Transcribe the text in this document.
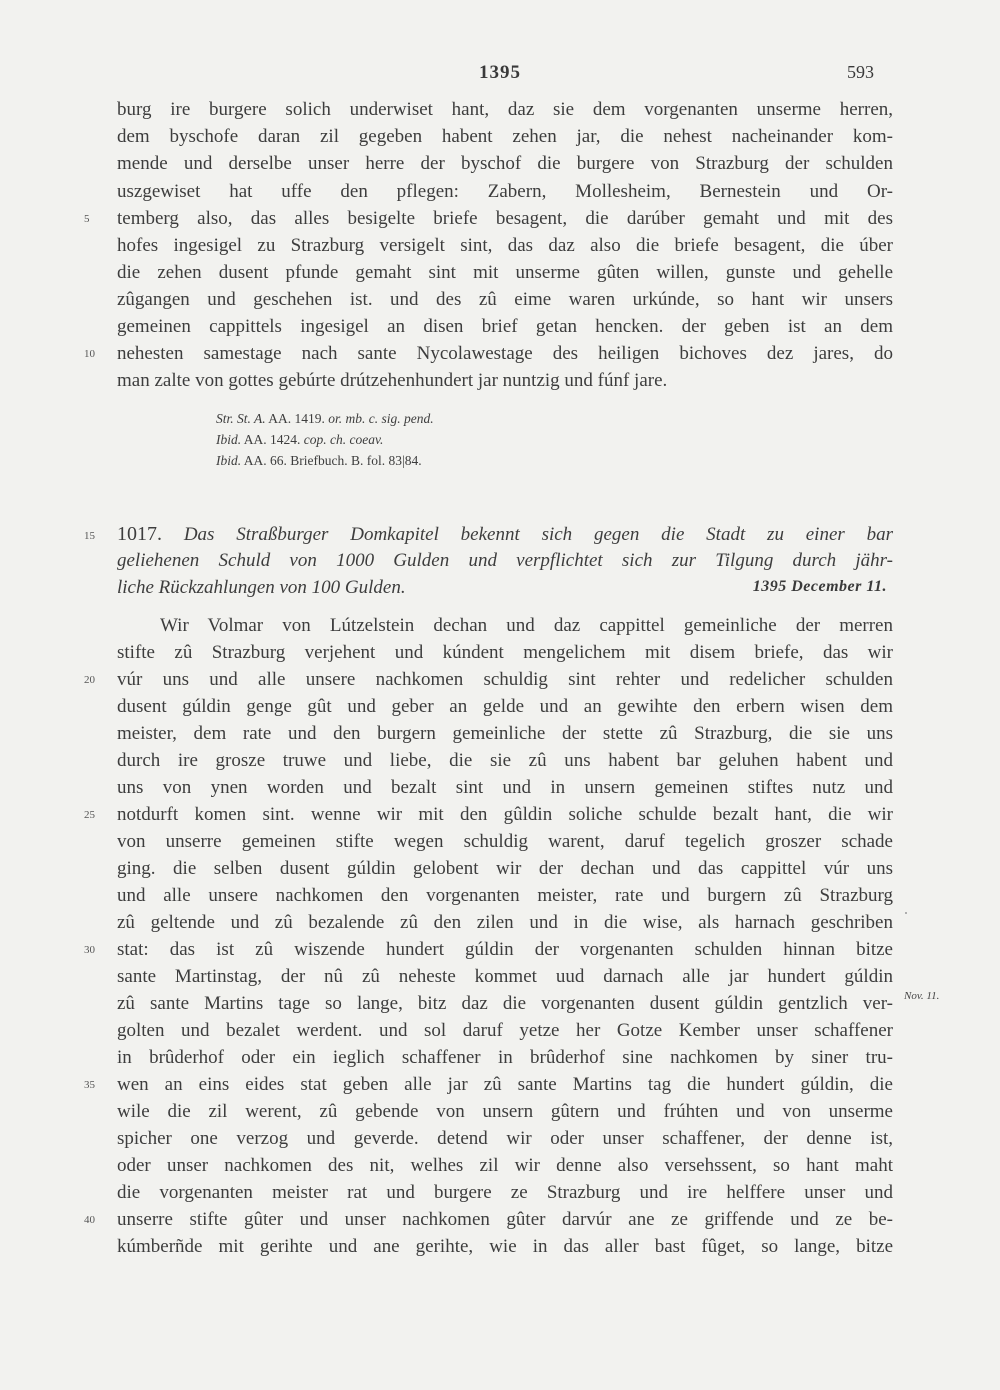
1395	593
burg ire burgere solich underwiset hant, daz sie dem vorgenanten unserme herren,
dem byschofe daran zil gegeben habent zehen jar, die nehest nacheinander kom-
mende und derselbe unser herre der byschof die burgere von Strazburg der schulden
uszgewiset hat uffe den pflegen: Zabern, Mollesheim, Bernestein und Or-
temberg also, das alles besigelte briefe besagent, die darúber gemaht und mit des
hofes ingesigel zu Strazburg versigelt sint, das daz also die briefe besagent, die úber
die zehen dusent pfunde gemaht sint mit unserme gûten willen, gunste und gehelle
zûgangen und geschehen ist. und des zû eime waren urkúnde, so hant wir unsers
gemeinen cappittels ingesigel an disen brief getan hencken. der geben ist an dem
nehesten samestage nach sante Nycolawestage des heiligen bichoves dez jares, do
man zalte von gottes gebúrte drútzehenhundert jar nuntzig und fúnf jare.
Str. St. A. AA. 1419. or. mb. c. sig. pend.
Ibid. AA. 1424. cop. ch. coeav.
Ibid. AA. 66. Briefbuch. B. fol. 83|84.
1017. Das Straßburger Domkapitel bekennt sich gegen die Stadt zu einer bar
geliehenen Schuld von 1000 Gulden und verpflichtet sich zur Tilgung durch jähr-
liche Rückzahlungen von 100 Gulden.	1395 December 11.
Wir Volmar von Lútzelstein dechan und daz cappittel gemeinliche der merren
stifte zû Strazburg verjehent und kúndent mengelichem mit disem briefe, das wir
vúr uns und alle unsere nachkomen schuldig sint rehter und redelicher schulden
dusent gúldin genge gût und geber an gelde und an gewihte den erbern wisen dem
meister, dem rate und den burgern gemeinliche der stette zû Strazburg, die sie uns
durch ire grosze truwe und liebe, die sie zû uns habent bar geluhen habent und
uns von ynen worden und bezalt sint und in unsern gemeinen stiftes nutz und
notdurft komen sint. wenne wir mit den gûldin soliche schulde bezalt hant, die wir
von unserre gemeinen stifte wegen schuldig warent, daruf tegelich groszer schade
ging. die selben dusent gúldin gelobent wir der dechan und das cappittel vúr uns
und alle unsere nachkomen den vorgenanten meister, rate und burgern zû Strazburg
zû geltende und zû bezalende zû den zilen und in die wise, als harnach geschriben
stat: das ist zû wiszende hundert gúldin der vorgenanten schulden hinnan bitze
sante Martinstag, der nû zû neheste kommet uud darnach alle jar hundert gúldin
zû sante Martins tage so lange, bitz daz die vorgenanten dusent gúldin gentzlich ver-
golten und bezalet werdent. und sol daruf yetze her Gotze Kember unser schaffener
in brûderhof oder ein ieglich schaffener in brûderhof sine nachkomen by siner tru-
wen an eins eides stat geben alle jar zû sante Martins tag die hundert gúldin, die
wile die zil werent, zû gebende von unsern gûtern und frúhten und von unserme
spicher one verzog und geverde. detend wir oder unser schaffener, der denne ist,
oder unser nachkomen des nit, welhes zil wir denne also versehssent, so hant maht
die vorgenanten meister rat und burgere ze Strazburg und ire helffere unser und
unserre stifte gûter und unser nachkomen gûter darvúr ane ze griffende und ze be-
kúmberñde mit gerihte und ane gerihte, wie in das aller bast fûget, so lange, bitze
Nov. 11.
5
10
15
20
25
30
35
40
